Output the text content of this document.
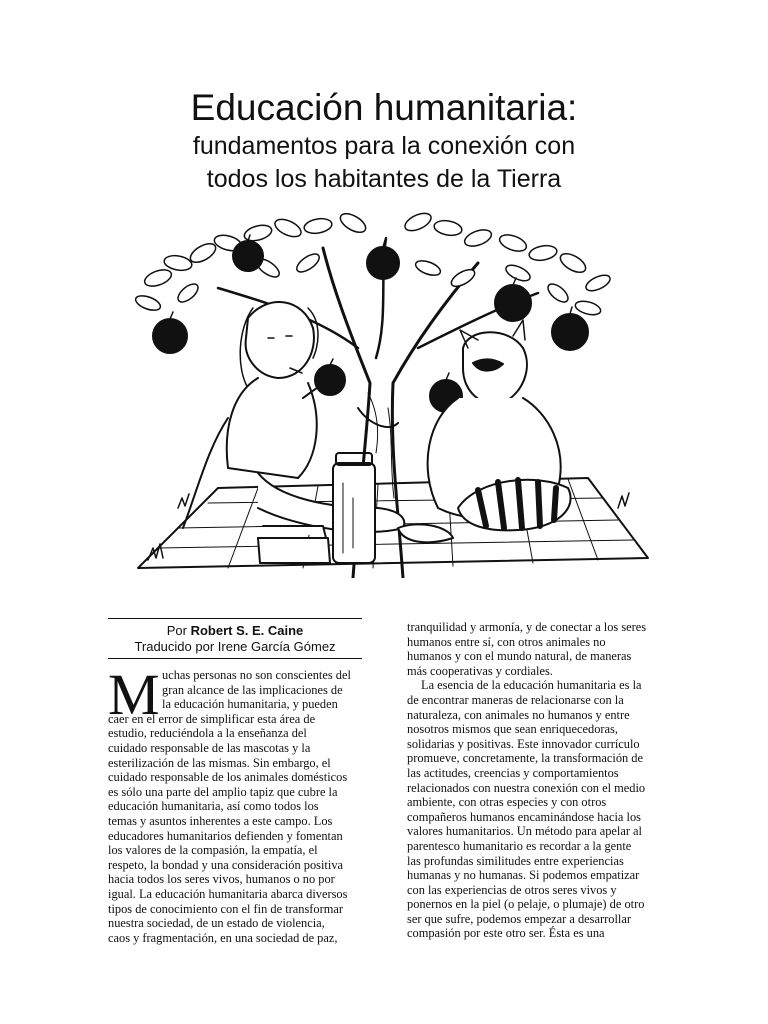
Educación humanitaria:
fundamentos para la conexión con
todos los habitantes de la Tierra
Por Robert S. E. Caine
Traducido por Irene García Gómez
M uchas personas no son conscientes del
gran alcance de las implicaciones de
la educación humanitaria, y pueden
caer en el error de simplificar esta área de
estudio, reduciéndola a la enseñanza del
cuidado responsable de las mascotas y la
esterilización de las mismas. Sin embargo, el
cuidado responsable de los animales domésticos
es sólo una parte del amplio tapiz que cubre la
educación humanitaria, así como todos los
temas y asuntos inherentes a este campo. Los
educadores humanitarios defienden y fomentan
los valores de la compasión, la empatía, el
respeto, la bondad y una consideración positiva
hacia todos los seres vivos, humanos o no por
igual. La educación humanitaria abarca diversos
tipos de conocimiento con el fin de transformar
nuestra sociedad, de un estado de violencia,
caos y fragmentación, en una sociedad de paz,
tranquilidad y armonía, y de conectar a los seres
humanos entre sí, con otros animales no
humanos y con el mundo natural, de maneras
más cooperativas y cordiales.
La esencia de la educación humanitaria es la
de encontrar maneras de relacionarse con la
naturaleza, con animales no humanos y entre
nosotros mismos que sean enriquecedoras,
solidarias y positivas. Este innovador currículo
promueve, concretamente, la transformación de
las actitudes, creencias y comportamientos
relacionados con nuestra conexión con el medio
ambiente, con otras especies y con otros
compañeros humanos encaminándose hacia los
valores humanitarios. Un método para apelar al
parentesco humanitario es recordar a la gente
las profundas similitudes entre experiencias
humanas y no humanas. Si podemos empatizar
con las experiencias de otros seres vivos y
ponernos en la piel (o pelaje, o plumaje) de otro
ser que sufre, podemos empezar a desarrollar
compasión por este otro ser. Ésta es una
